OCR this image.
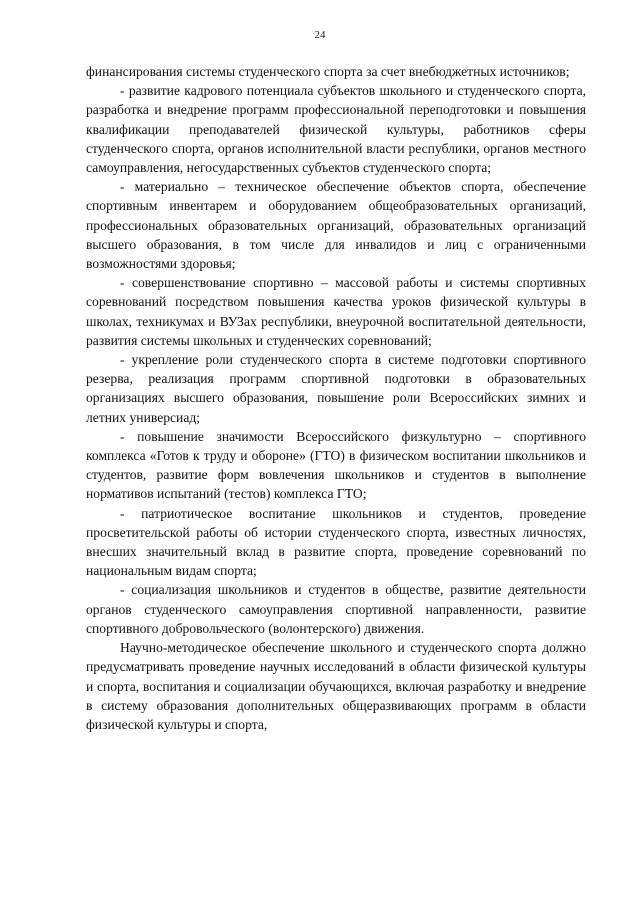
24

финансирования системы студенческого спорта за счет внебюджетных источников;

- развитие кадрового потенциала субъектов школьного и студенческого спорта, разработка и внедрение программ профессиональной переподготовки и повышения квалификации преподавателей физической культуры, работников сферы студенческого спорта, органов исполнительной власти республики, органов местного самоуправления, негосударственных субъектов студенческого спорта;

- материально – техническое обеспечение объектов спорта, обеспечение спортивным инвентарем и оборудованием общеобразовательных организаций, профессиональных образовательных организаций, образовательных организаций высшего образования, в том числе для инвалидов и лиц с ограниченными возможностями здоровья;

- совершенствование спортивно – массовой работы и системы спортивных соревнований посредством повышения качества уроков физической культуры в школах, техникумах и ВУЗах республики, внеурочной воспитательной деятельности, развития системы школьных и студенческих соревнований;

- укрепление роли студенческого спорта в системе подготовки спортивного резерва, реализация программ спортивной подготовки в образовательных организациях высшего образования, повышение роли Всероссийских зимних и летних универсиад;

- повышение значимости Всероссийского физкультурно – спортивного комплекса «Готов к труду и обороне» (ГТО) в физическом воспитании школьников и студентов, развитие форм вовлечения школьников и студентов в выполнение нормативов испытаний (тестов) комплекса ГТО;

- патриотическое воспитание школьников и студентов, проведение просветительской работы об истории студенческого спорта, известных личностях, внесших значительный вклад в развитие спорта, проведение соревнований по национальным видам спорта;

- социализация школьников и студентов в обществе, развитие деятельности органов студенческого самоуправления спортивной направленности, развитие спортивного добровольческого (волонтерского) движения.

Научно-методическое обеспечение школьного и студенческого спорта должно предусматривать проведение научных исследований в области физической культуры и спорта, воспитания и социализации обучающихся, включая разработку и внедрение в систему образования дополнительных общеразвивающих программ в области физической культуры и спорта,
